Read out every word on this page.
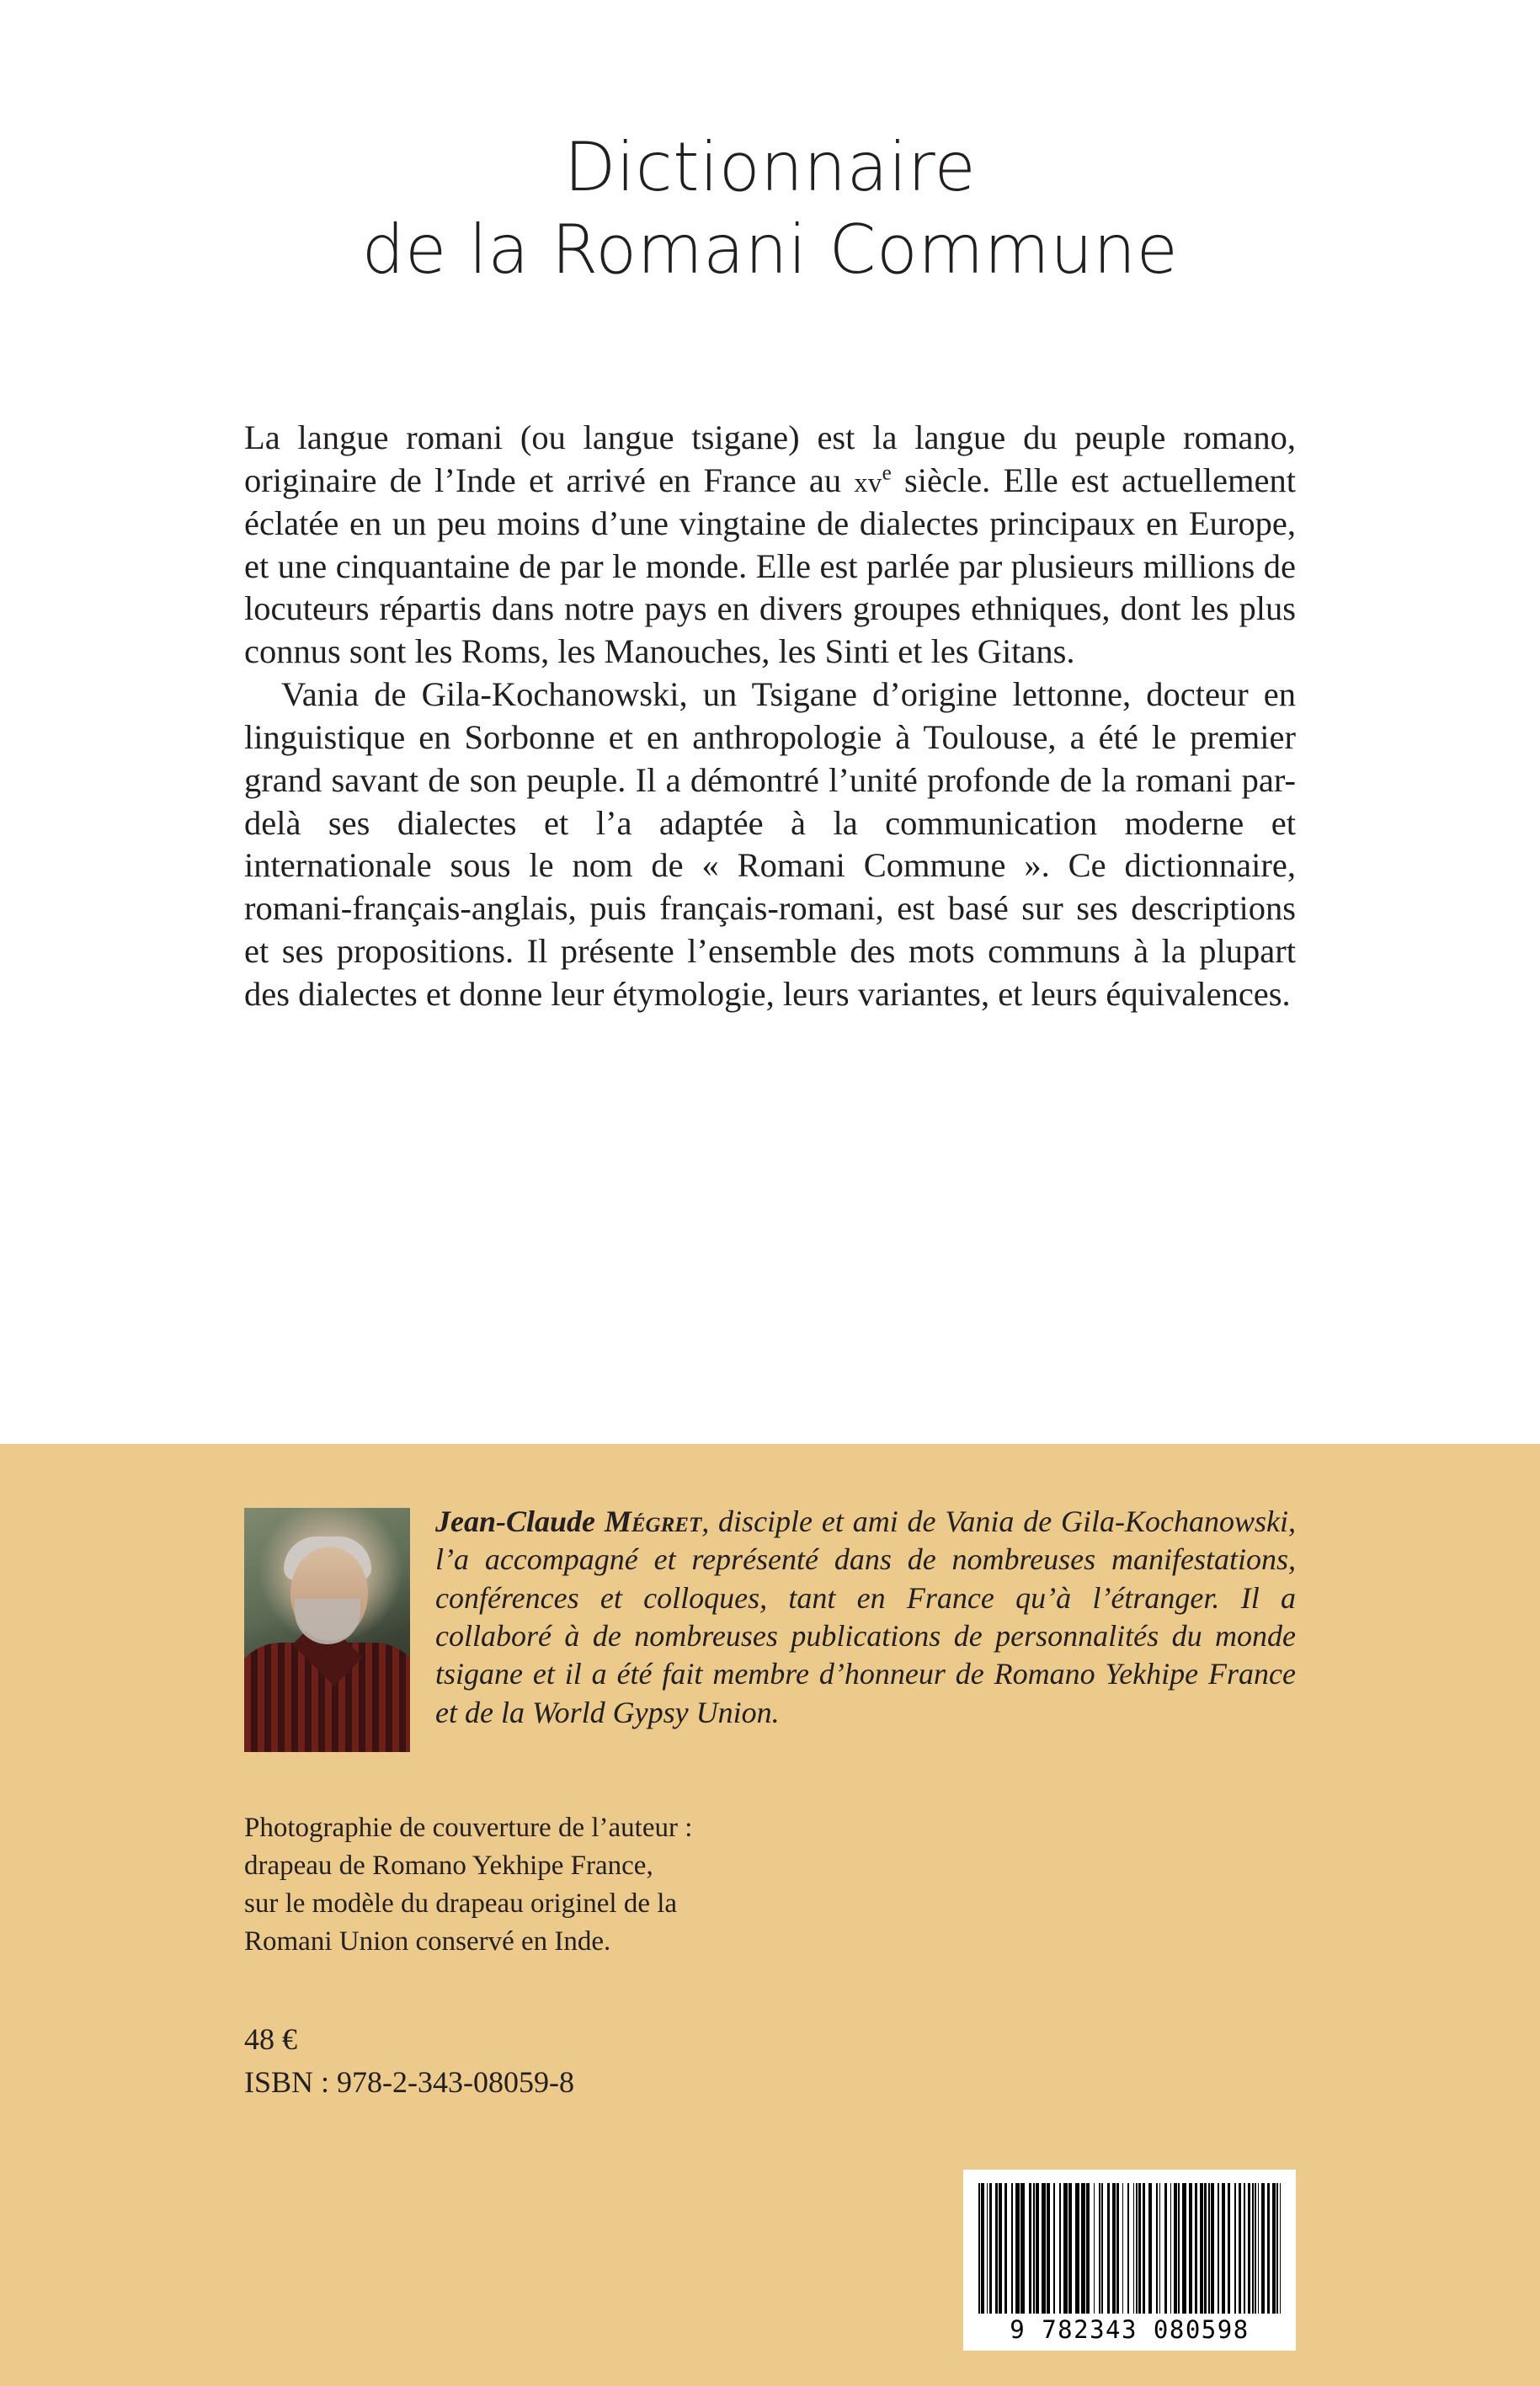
Dictionnaire
de la Romani Commune

La langue romani (ou langue tsigane) est la langue du peuple romano, originaire de l’Inde et arrivé en France au $xv^e$ siècle. Elle est actuellement éclatée en un peu moins d’une vingtaine de dialectes principaux en Europe, et une cinquantaine de par le monde. Elle est parlée par plusieurs millions de locuteurs répartis dans notre pays en divers groupes ethniques, dont les plus connus sont les Roms, les Manouches, les Sinti et les Gitans.

Vania de Gila-Kochanowski, un Tsigane d’origine lettonne, docteur en linguistique en Sorbonne et en anthropologie à Toulouse, a été le premier grand savant de son peuple. Il a démontré l’unité profonde de la romani par-delà ses dialectes et l’a adaptée à la communication moderne et internationale sous le nom de « Romani Commune ». Ce dictionnaire, romani-français-anglais, puis français-romani, est basé sur ses descriptions et ses propositions. Il présente l’ensemble des mots communs à la plupart des dialectes et donne leur étymologie, leurs variantes, et leurs équivalences.

Jean-Claude Mégret, disciple et ami de Vania de Gila-Kochanowski, l’a accompagné et représenté dans de nombreuses manifestations, conférences et colloques, tant en France qu’à l’étranger. Il a collaboré à de nombreuses publications de personnalités du monde tsigane et il a été fait membre d’honneur de Romano Yekhipe France et de la World Gypsy Union.
Photographie de couverture de l’auteur :
drapeau de Romano Yekhipe France,
sur le modèle du drapeau originel de la
Romani Union conservé en Inde.
48 €
ISBN : 978-2-343-08059-8
9 782343 080598
